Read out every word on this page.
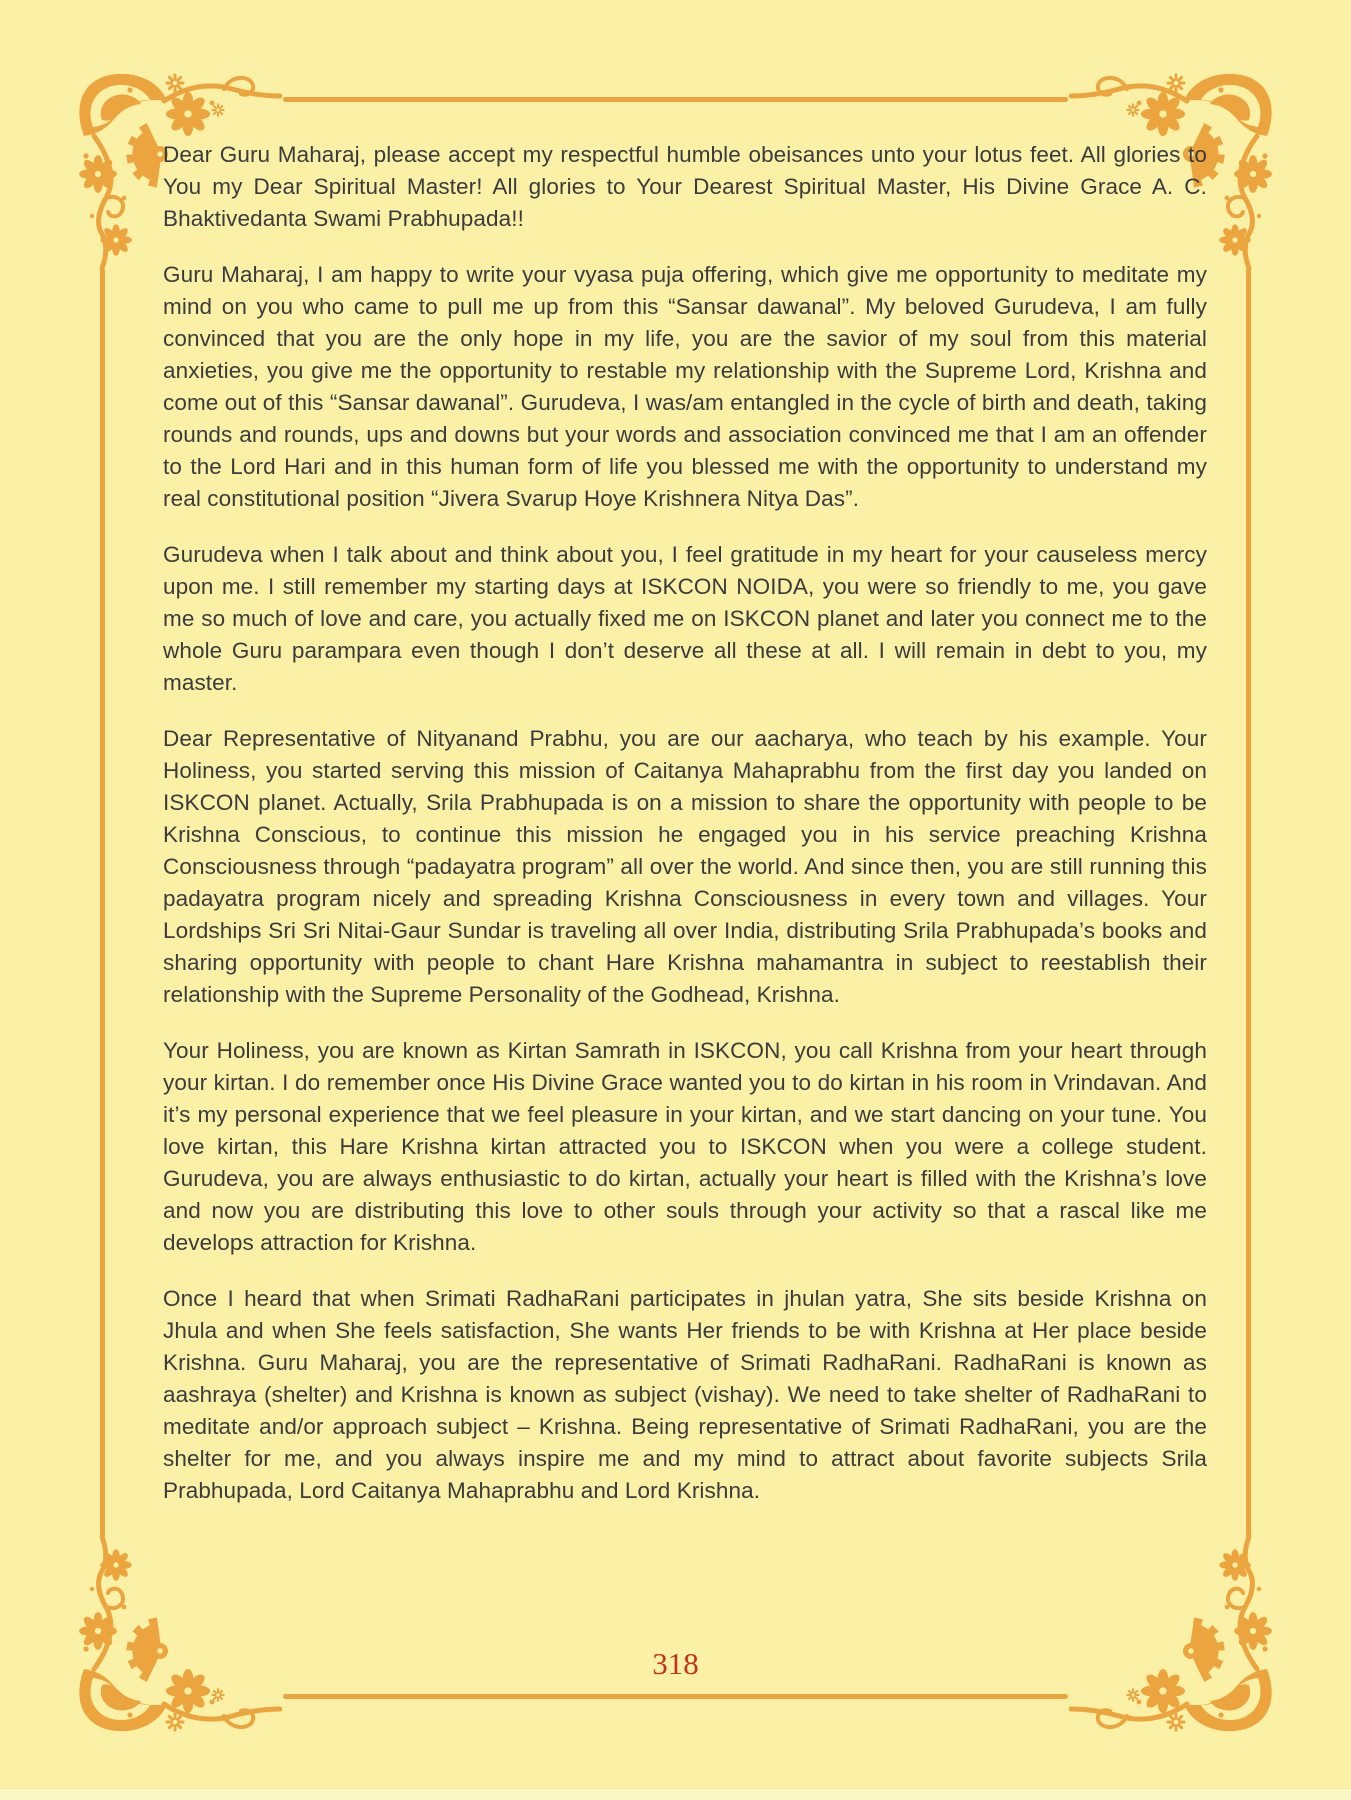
Dear Guru Maharaj, please accept my respectful humble obeisances unto your lotus feet. All glories to You my Dear Spiritual Master! All glories to Your Dearest Spiritual Master, His Divine Grace A. C. Bhaktivedanta Swami Prabhupada!!

Guru Maharaj, I am happy to write your vyasa puja offering, which give me opportunity to meditate my mind on you who came to pull me up from this “Sansar dawanal”. My beloved Gurudeva, I am fully convinced that you are the only hope in my life, you are the savior of my soul from this material anxieties, you give me the opportunity to restable my relationship with the Supreme Lord, Krishna and come out of this “Sansar dawanal”. Gurudeva, I was/am entangled in the cycle of birth and death, taking rounds and rounds, ups and downs but your words and association convinced me that I am an offender to the Lord Hari and in this human form of life you blessed me with the opportunity to understand my real constitutional position “Jivera Svarup Hoye Krishnera Nitya Das”.

Gurudeva when I talk about and think about you, I feel gratitude in my heart for your causeless mercy upon me. I still remember my starting days at ISKCON NOIDA, you were so friendly to me, you gave me so much of love and care, you actually fixed me on ISKCON planet and later you connect me to the whole Guru parampara even though I don’t deserve all these at all. I will remain in debt to you, my master.

Dear Representative of Nityanand Prabhu, you are our aacharya, who teach by his example. Your Holiness, you started serving this mission of Caitanya Mahaprabhu from the first day you landed on ISKCON planet. Actually, Srila Prabhupada is on a mission to share the opportunity with people to be Krishna Conscious, to continue this mission he engaged you in his service preaching Krishna Consciousness through “padayatra program” all over the world. And since then, you are still running this padayatra program nicely and spreading Krishna Consciousness in every town and villages. Your Lordships Sri Sri Nitai-Gaur Sundar is traveling all over India, distributing Srila Prabhupada’s books and sharing opportunity with people to chant Hare Krishna mahamantra in subject to reestablish their relationship with the Supreme Personality of the Godhead, Krishna.

Your Holiness, you are known as Kirtan Samrath in ISKCON, you call Krishna from your heart through your kirtan. I do remember once His Divine Grace wanted you to do kirtan in his room in Vrindavan. And it’s my personal experience that we feel pleasure in your kirtan, and we start dancing on your tune. You love kirtan, this Hare Krishna kirtan attracted you to ISKCON when you were a college student. Gurudeva, you are always enthusiastic to do kirtan, actually your heart is filled with the Krishna’s love and now you are distributing this love to other souls through your activity so that a rascal like me develops attraction for Krishna.

Once I heard that when Srimati RadhaRani participates in jhulan yatra, She sits beside Krishna on Jhula and when She feels satisfaction, She wants Her friends to be with Krishna at Her place beside Krishna. Guru Maharaj, you are the representative of Srimati RadhaRani. RadhaRani is known as aashraya (shelter) and Krishna is known as subject (vishay). We need to take shelter of RadhaRani to meditate and/or approach subject – Krishna. Being representative of Srimati RadhaRani, you are the shelter for me, and you always inspire me and my mind to attract about favorite subjects Srila Prabhupada, Lord Caitanya Mahaprabhu and Lord Krishna.

318
